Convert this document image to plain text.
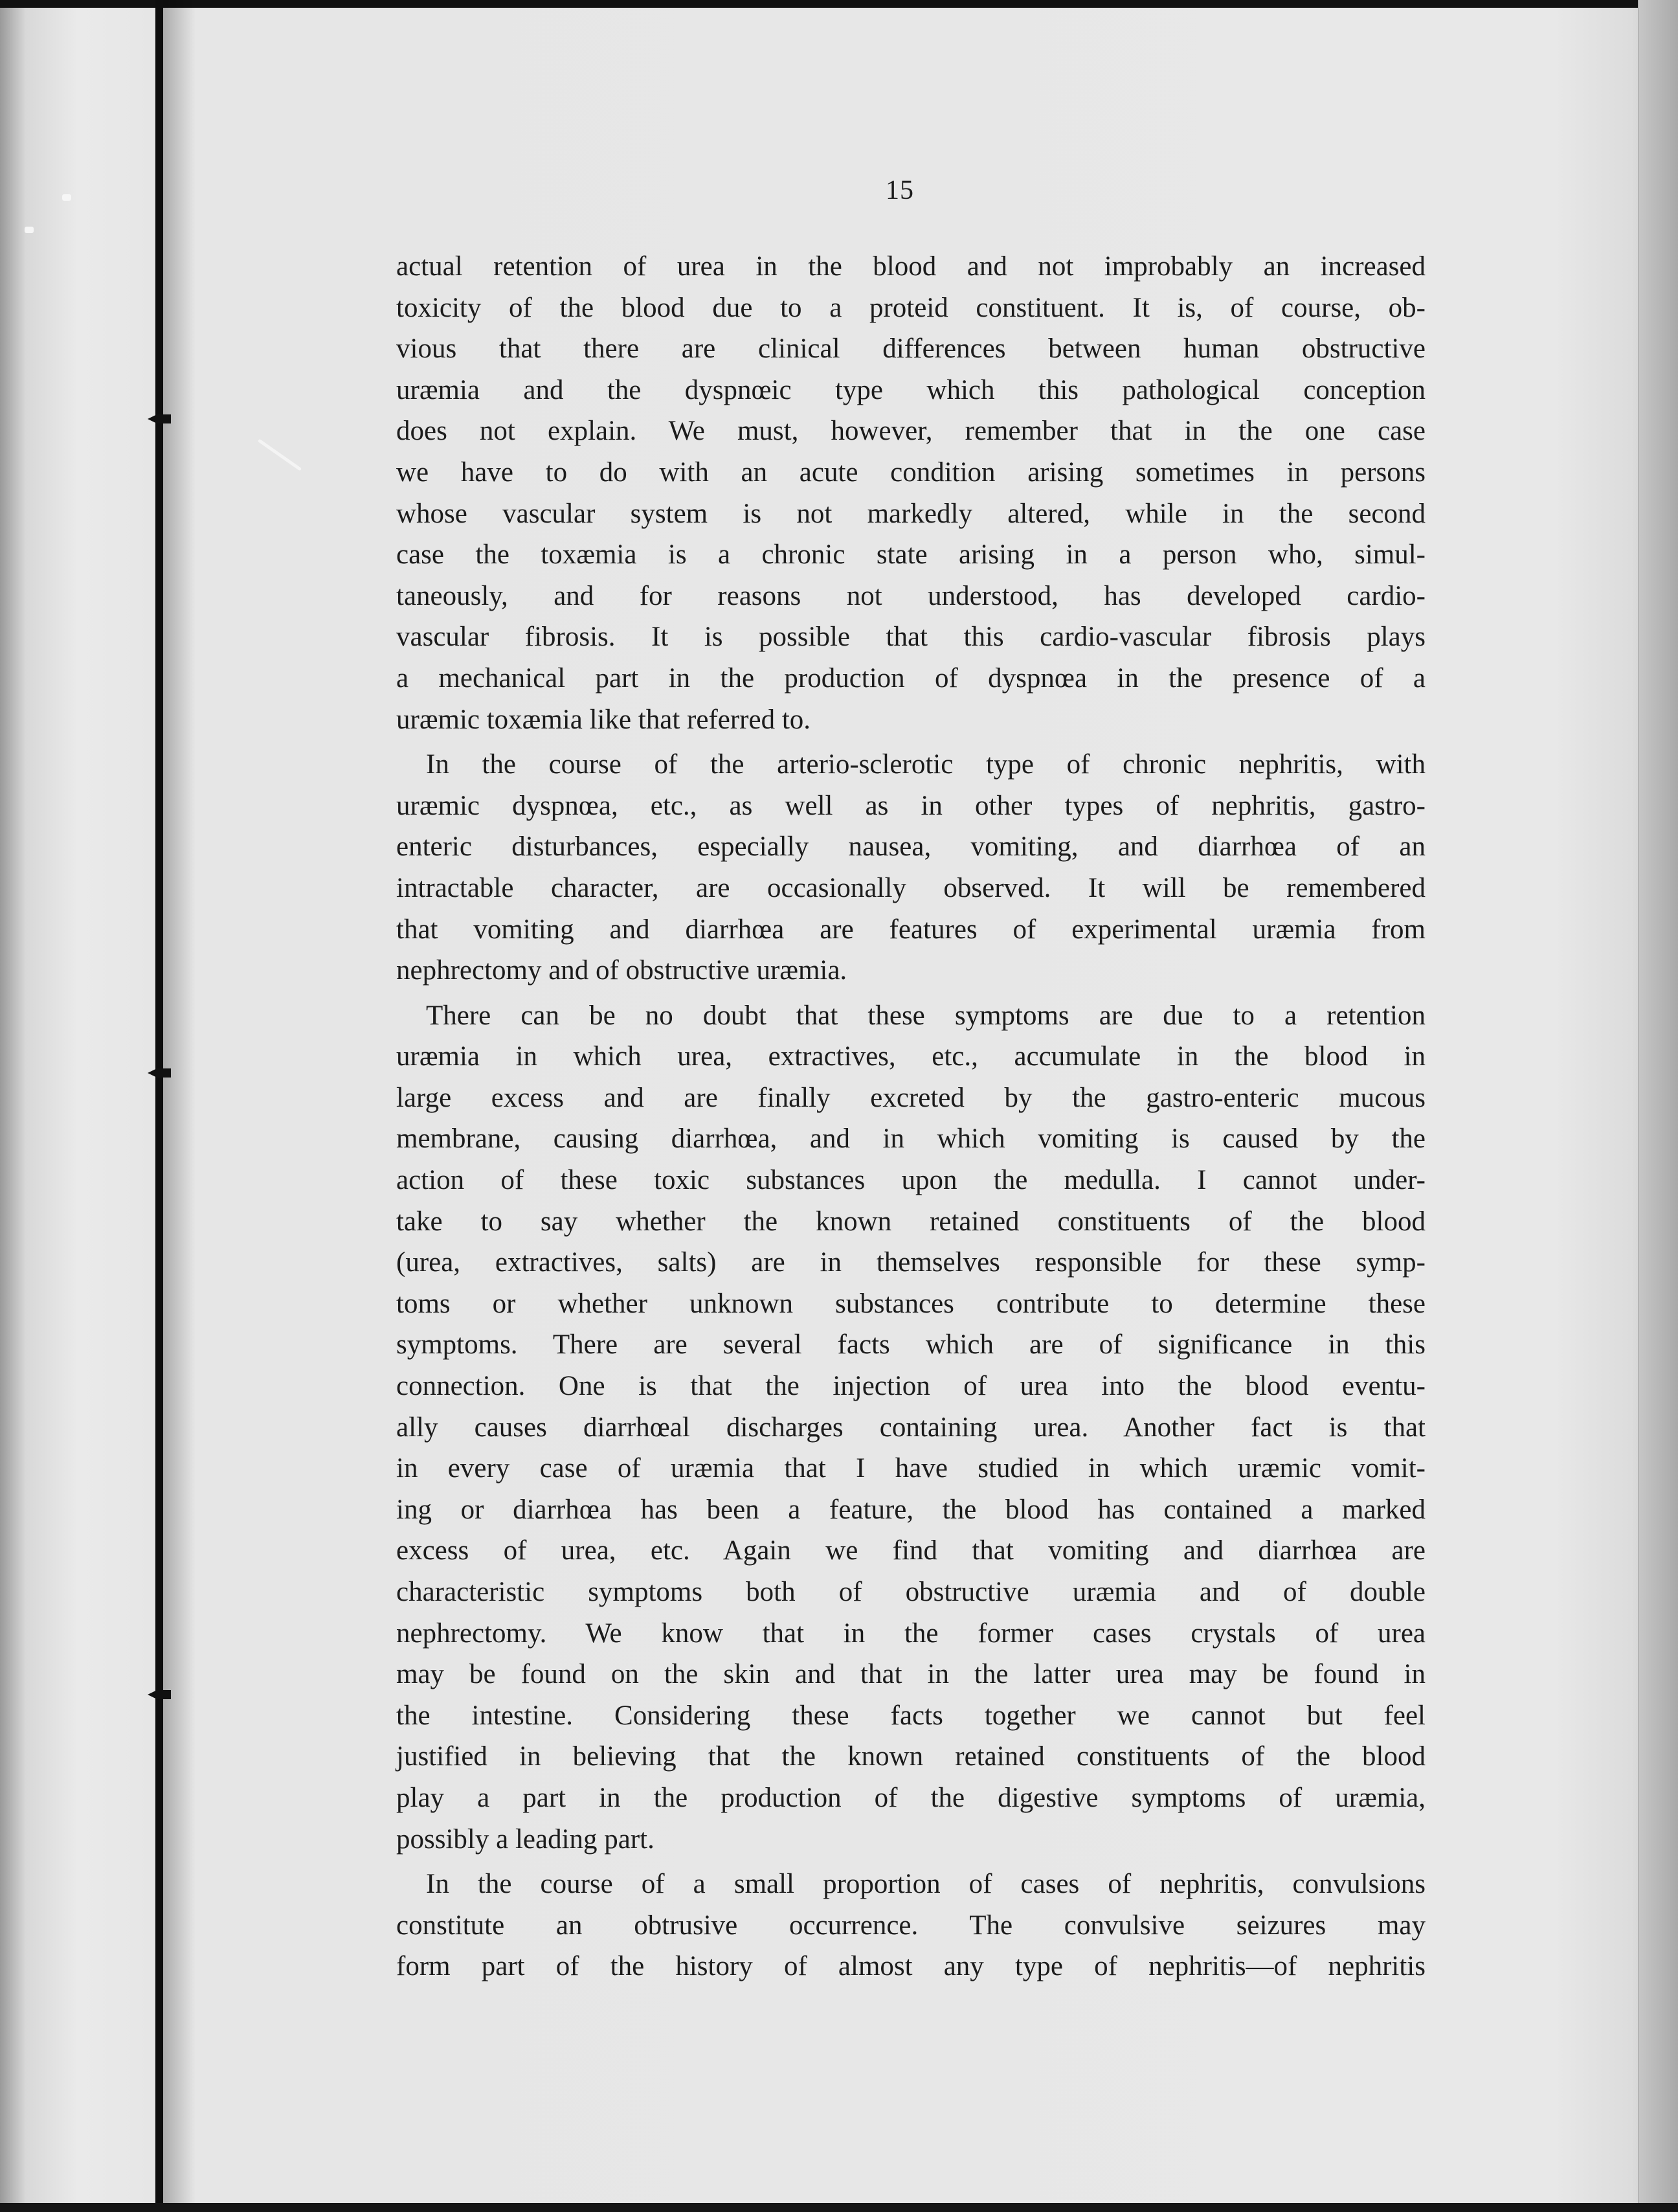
15
actual retention of urea in the blood and not improbably an increased
toxicity of the blood due to a proteid constituent. It is, of course, ob-
vious that there are clinical differences between human obstructive
uræmia and the dyspnœic type which this pathological conception
does not explain. We must, however, remember that in the one case
we have to do with an acute condition arising sometimes in persons
whose vascular system is not markedly altered, while in the second
case the toxæmia is a chronic state arising in a person who, simul-
taneously, and for reasons not understood, has developed cardio-
vascular fibrosis. It is possible that this cardio-vascular fibrosis plays
a mechanical part in the production of dyspnœa in the presence of a
uræmic toxæmia like that referred to.
In the course of the arterio-sclerotic type of chronic nephritis, with
uræmic dyspnœa, etc., as well as in other types of nephritis, gastro-
enteric disturbances, especially nausea, vomiting, and diarrhœa of an
intractable character, are occasionally observed. It will be remembered
that vomiting and diarrhœa are features of experimental uræmia from
nephrectomy and of obstructive uræmia.
There can be no doubt that these symptoms are due to a retention
uræmia in which urea, extractives, etc., accumulate in the blood in
large excess and are finally excreted by the gastro-enteric mucous
membrane, causing diarrhœa, and in which vomiting is caused by the
action of these toxic substances upon the medulla. I cannot under-
take to say whether the known retained constituents of the blood
(urea, extractives, salts) are in themselves responsible for these symp-
toms or whether unknown substances contribute to determine these
symptoms. There are several facts which are of significance in this
connection. One is that the injection of urea into the blood eventu-
ally causes diarrhœal discharges containing urea. Another fact is that
in every case of uræmia that I have studied in which uræmic vomit-
ing or diarrhœa has been a feature, the blood has contained a marked
excess of urea, etc. Again we find that vomiting and diarrhœa are
characteristic symptoms both of obstructive uræmia and of double
nephrectomy. We know that in the former cases crystals of urea
may be found on the skin and that in the latter urea may be found in
the intestine. Considering these facts together we cannot but feel
justified in believing that the known retained constituents of the blood
play a part in the production of the digestive symptoms of uræmia,
possibly a leading part.
In the course of a small proportion of cases of nephritis, convulsions
constitute an obtrusive occurrence. The convulsive seizures may
form part of the history of almost any type of nephritis—of nephritis
